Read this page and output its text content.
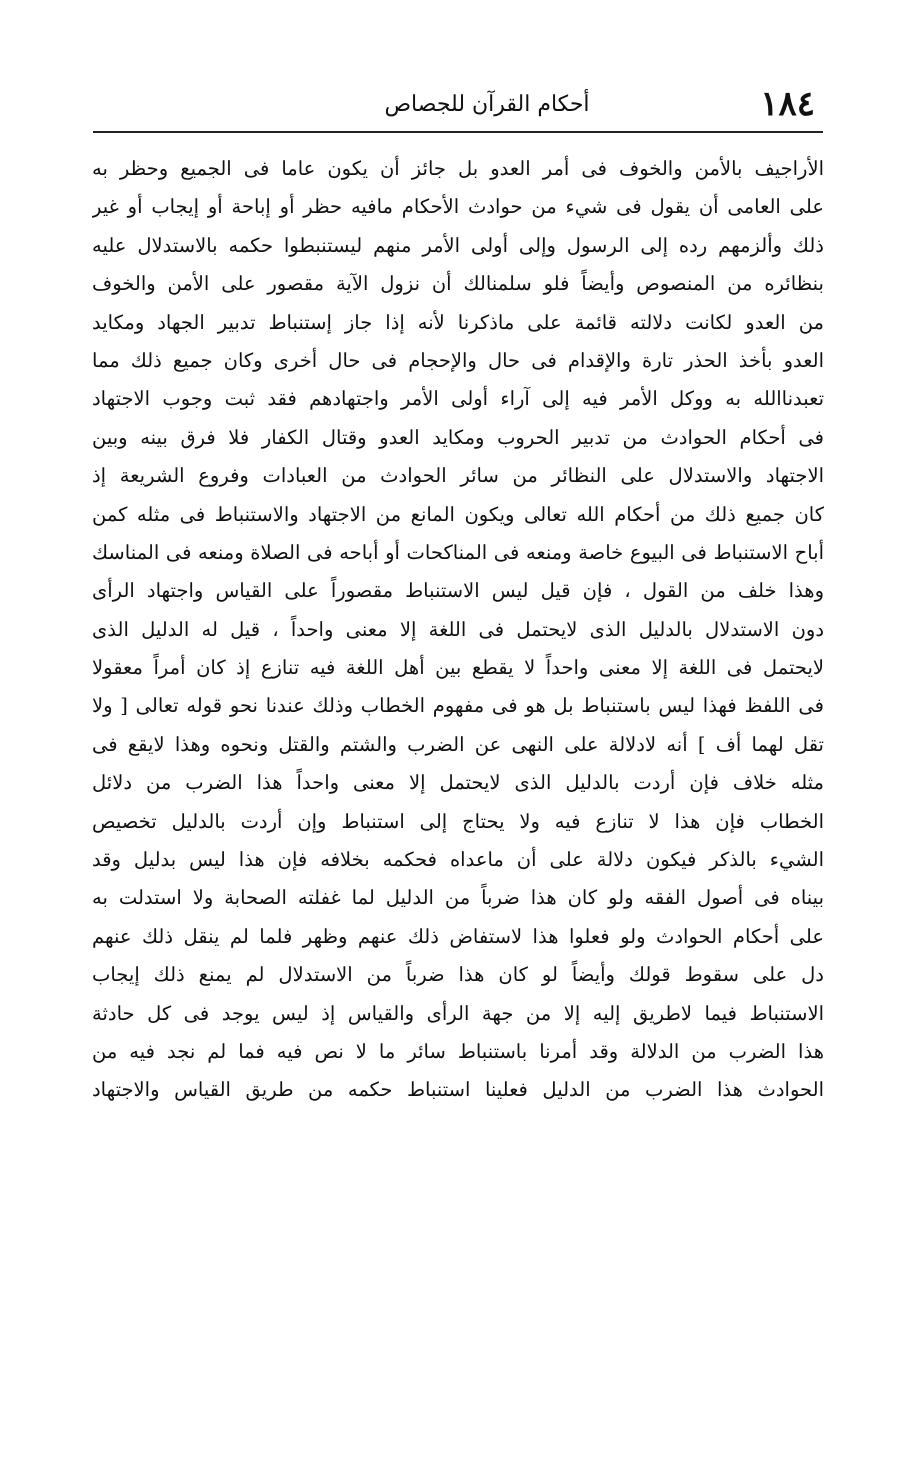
١٨٤
أحكام القرآن للجصاص
الأراجيف بالأمن والخوف فى أمر العدو بل جائز أن يكون عاما فى الجميع وحظر به
على العامى أن يقول فى شيء من حوادث الأحكام مافيه حظر أو إباحة أو إيجاب أو غير
ذلك وألزمهم رده إلى الرسول وإلى أولى الأمر منهم ليستنبطوا حكمه بالاستدلال عليه
بنظائره من المنصوص وأيضاً فلو سلمنالك أن نزول الآية مقصور على الأمن والخوف
من العدو لكانت دلالته قائمة على ماذكرنا لأنه إذا جاز إستنباط تدبير الجهاد ومكايد
العدو بأخذ الحذر تارة والإقدام فى حال والإحجام فى حال أخرى وكان جميع ذلك مما
تعبدناالله به ووكل الأمر فيه إلى آراء أولى الأمر واجتهادهم فقد ثبت وجوب الاجتهاد
فى أحكام الحوادث من تدبير الحروب ومكايد العدو وقتال الكفار فلا فرق بينه وبين
الاجتهاد والاستدلال على النظائر من سائر الحوادث من العبادات وفروع الشريعة إذ
كان جميع ذلك من أحكام الله تعالى ويكون المانع من الاجتهاد والاستنباط فى مثله كمن
أباح الاستنباط فى البيوع خاصة ومنعه فى المناكحات أو أباحه فى الصلاة ومنعه فى المناسك
وهذا خلف من القول ، فإن قيل ليس الاستنباط مقصوراً على القياس واجتهاد الرأى
دون الاستدلال بالدليل الذى لايحتمل فى اللغة إلا معنى واحداً ، قيل له الدليل الذى
لايحتمل فى اللغة إلا معنى واحداً لا يقطع بين أهل اللغة فيه تنازع إذ كان أمراً معقولا
فى اللفظ فهذا ليس باستنباط بل هو فى مفهوم الخطاب وذلك عندنا نحو قوله تعالى [ ولا
تقل لهما أف ] أنه لادلالة على النهى عن الضرب والشتم والقتل ونحوه وهذا لايقع فى
مثله خلاف فإن أردت بالدليل الذى لايحتمل إلا معنى واحداً هذا الضرب من دلائل
الخطاب فإن هذا لا تنازع فيه ولا يحتاج إلى استنباط وإن أردت بالدليل تخصيص
الشيء بالذكر فيكون دلالة على أن ماعداه فحكمه بخلافه فإن هذا ليس بدليل وقد
بيناه فى أصول الفقه ولو كان هذا ضرباً من الدليل لما غفلته الصحابة ولا استدلت به
على أحكام الحوادث ولو فعلوا هذا لاستفاض ذلك عنهم وظهر فلما لم ينقل ذلك عنهم
دل على سقوط قولك وأيضاً لو كان هذا ضرباً من الاستدلال لم يمنع ذلك إيجاب
الاستنباط فيما لاطريق إليه إلا من جهة الرأى والقياس إذ ليس يوجد فى كل حادثة
هذا الضرب من الدلالة وقد أمرنا باستنباط سائر ما لا نص فيه فما لم نجد فيه من
الحوادث هذا الضرب من الدليل فعلينا استنباط حكمه من طريق القياس والاجتهاد
